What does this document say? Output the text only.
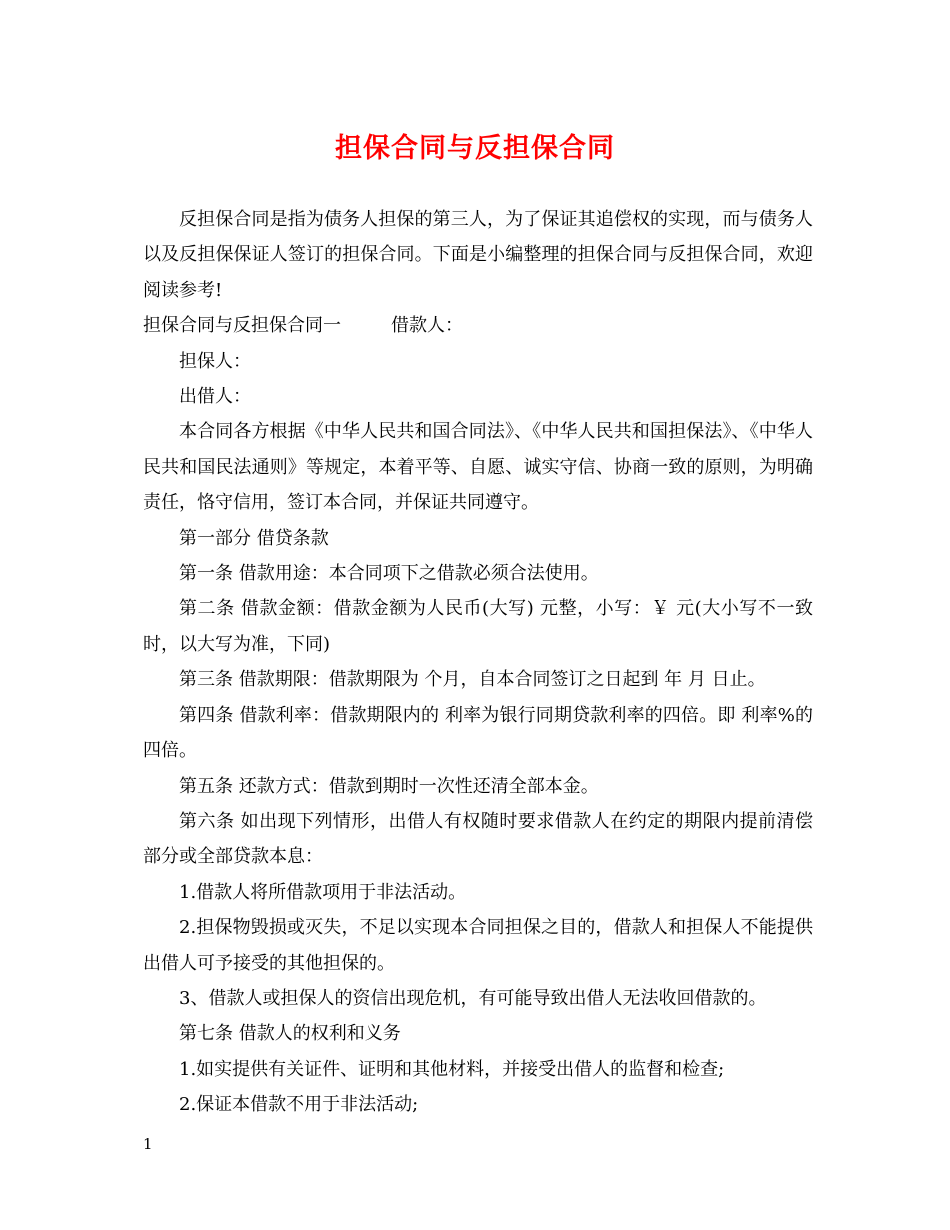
担保合同与反担保合同

反担保合同是指为债务人担保的第三人，为了保证其追偿权的实现，而与债务人以及反担保保证人签订的担保合同。下面是小编整理的担保合同与反担保合同，欢迎阅读参考!

担保合同与反担保合同一	借款人：

担保人：

出借人：

本合同各方根据《中华人民共和国合同法》、《中华人民共和国担保法》、《中华人民共和国民法通则》等规定，本着平等、自愿、诚实守信、协商一致的原则，为明确责任，恪守信用，签订本合同，并保证共同遵守。

第一部分 借贷条款

第一条 借款用途：本合同项下之借款必须合法使用。

第二条 借款金额：借款金额为人民币(大写) 元整，小写：￥ 元(大小写不一致时，以大写为准，下同)

第三条 借款期限：借款期限为 个月，自本合同签订之日起到 年 月 日止。

第四条 借款利率：借款期限内的 利率为银行同期贷款利率的四倍。即 利率%的四倍。

第五条 还款方式：借款到期时一次性还清全部本金。

第六条 如出现下列情形，出借人有权随时要求借款人在约定的期限内提前清偿部分或全部贷款本息：

1.借款人将所借款项用于非法活动。

2.担保物毁损或灭失，不足以实现本合同担保之目的，借款人和担保人不能提供出借人可予接受的其他担保的。

3、借款人或担保人的资信出现危机，有可能导致出借人无法收回借款的。

第七条 借款人的权利和义务

1.如实提供有关证件、证明和其他材料，并接受出借人的监督和检查;

2.保证本借款不用于非法活动;

1
